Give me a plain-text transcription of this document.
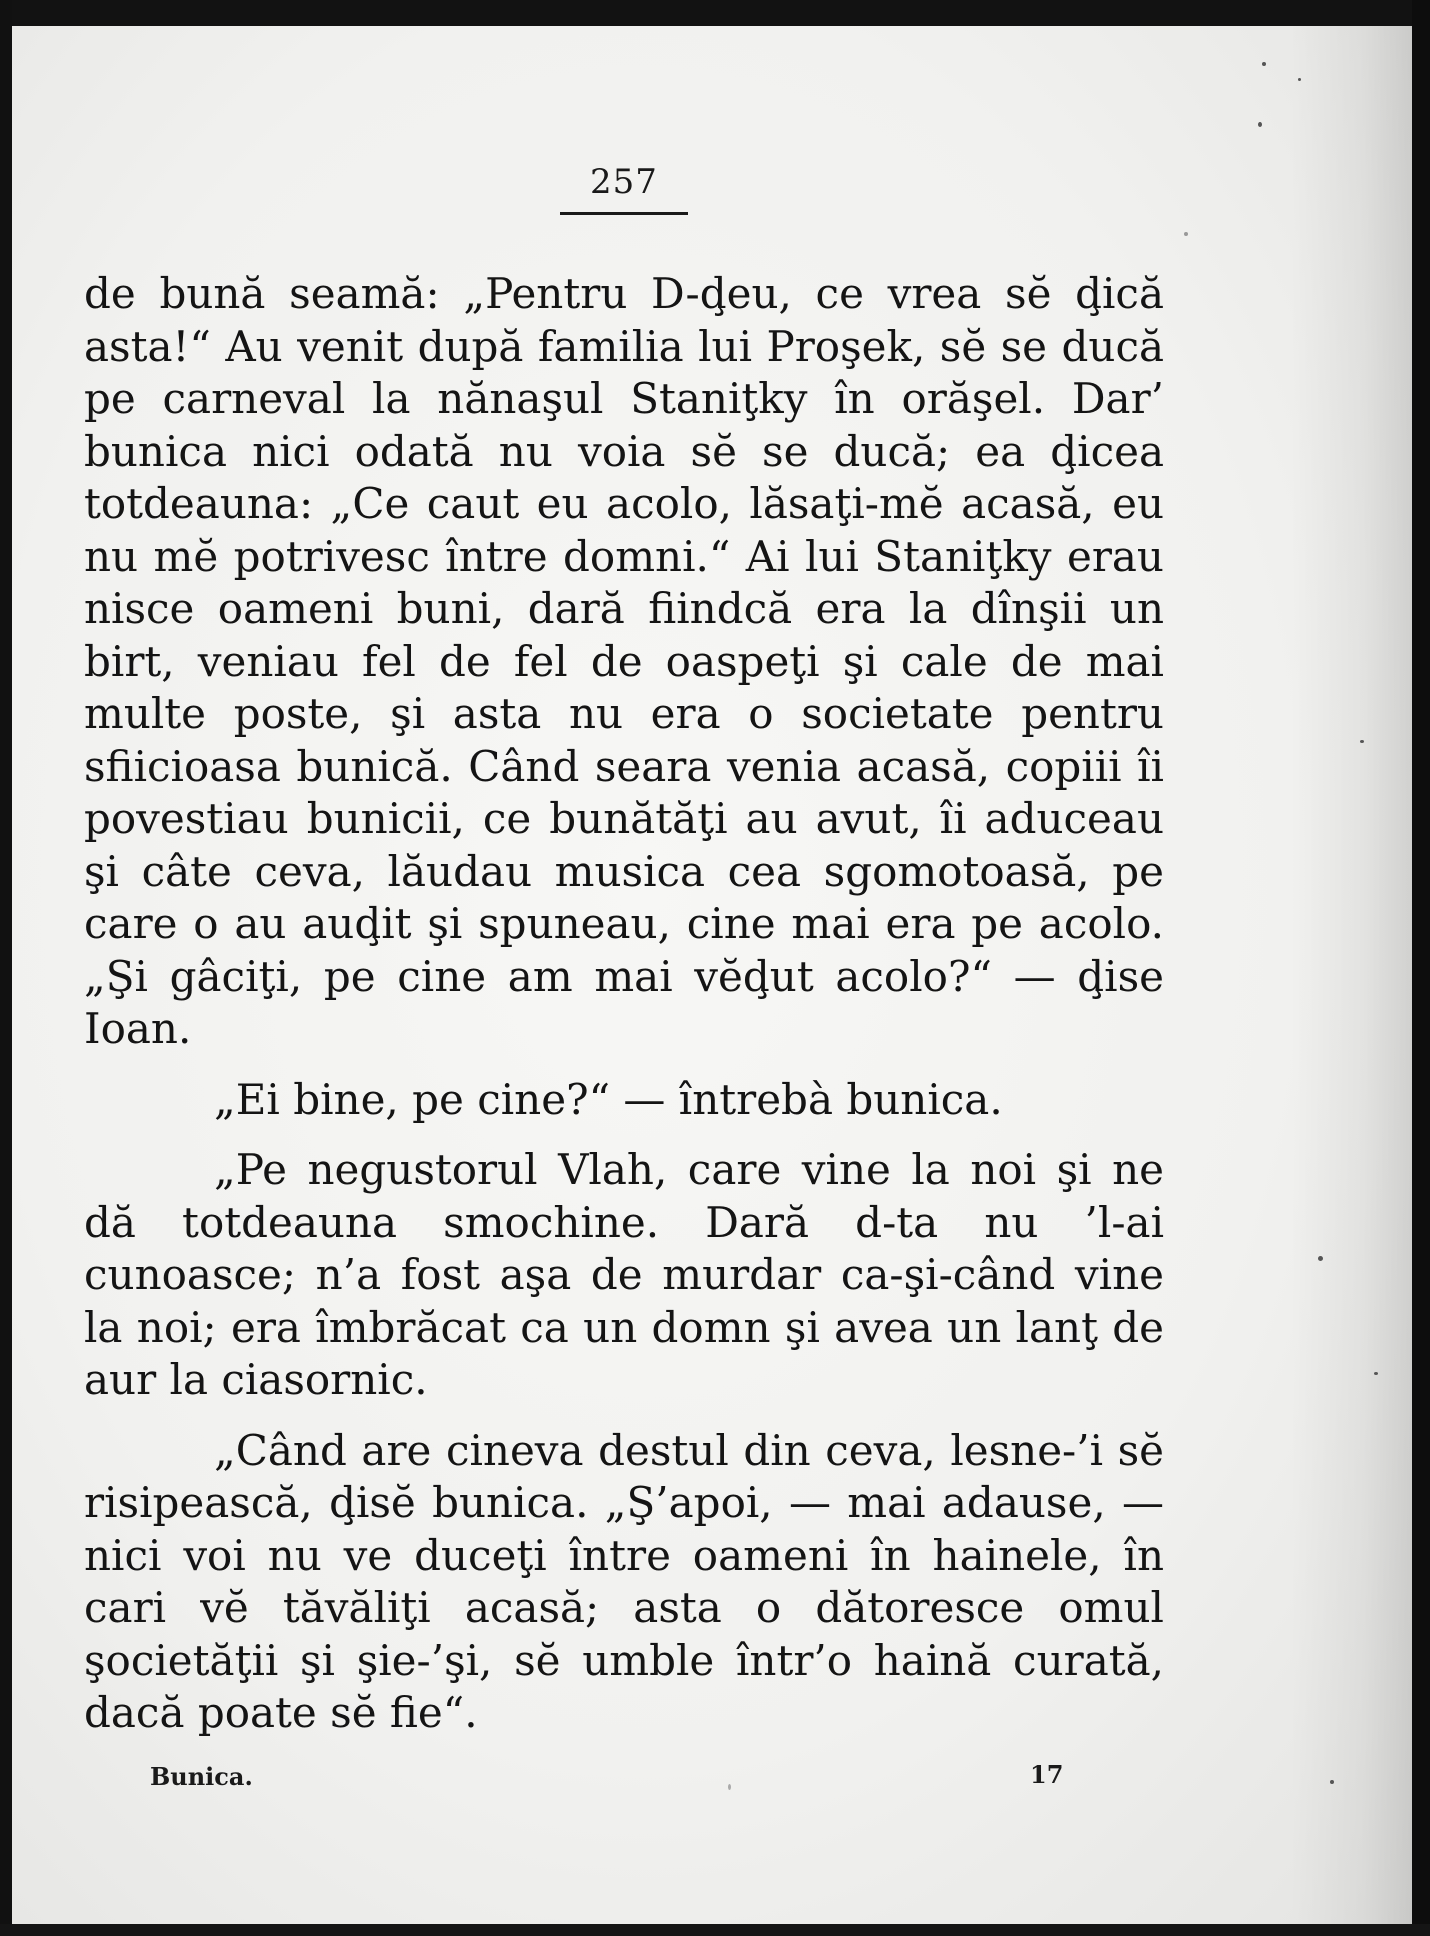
257

de bună seamă: „Pentru D-ḑeu, ce vrea sĕ ḑică asta!“ Au venit după familia lui Proşek, sĕ se ducă pe carneval la nănaşul Staniţky în orăşel. Dar’ bunica nici odată nu voia sĕ se ducă; ea ḑicea totdeauna: „Ce caut eu acolo, lăsaţi-mĕ acasă, eu nu mĕ potrivesc între domni.“ Ai lui Staniţky erau nisce oameni buni, dară fiindcă era la dînşii un birt, veniau fel de fel de oaspeţi şi cale de mai multe poste, şi asta nu era o societate pentru sfiicioasa bunică. Când seara venia acasă, copiii îi povestiau bunicii, ce bunătăţi au avut, îi aduceau şi câte ceva, lăudau musica cea sgomotoasă, pe care o au auḑit şi spuneau, cine mai era pe acolo. „Şi gâciţi, pe cine am mai vĕḑut acolo?“ — ḑise Ioan.

„Ei bine, pe cine?“ — întrebà bunica.

„Pe negustorul Vlah, care vine la noi şi ne dă totdeauna smochine. Dară d-ta nu ’l-ai cunoasce; n’a fost aşa de murdar ca-şi-când vine la noi; era îmbrăcat ca un domn şi avea un lanţ de aur la ciasornic.

„Când are cineva destul din ceva, lesne-’i sĕ risipească, ḑisĕ bunica. „Ş’apoi, — mai adause, — nici voi nu ve duceţi între oameni în hainele, în cari vĕ tăvăliţi acasă; asta o dătoresce omul şocietăţii şi şie-’şi, sĕ umble într’o haină curată, dacă poate sĕ fie“.

Bunica.	17
